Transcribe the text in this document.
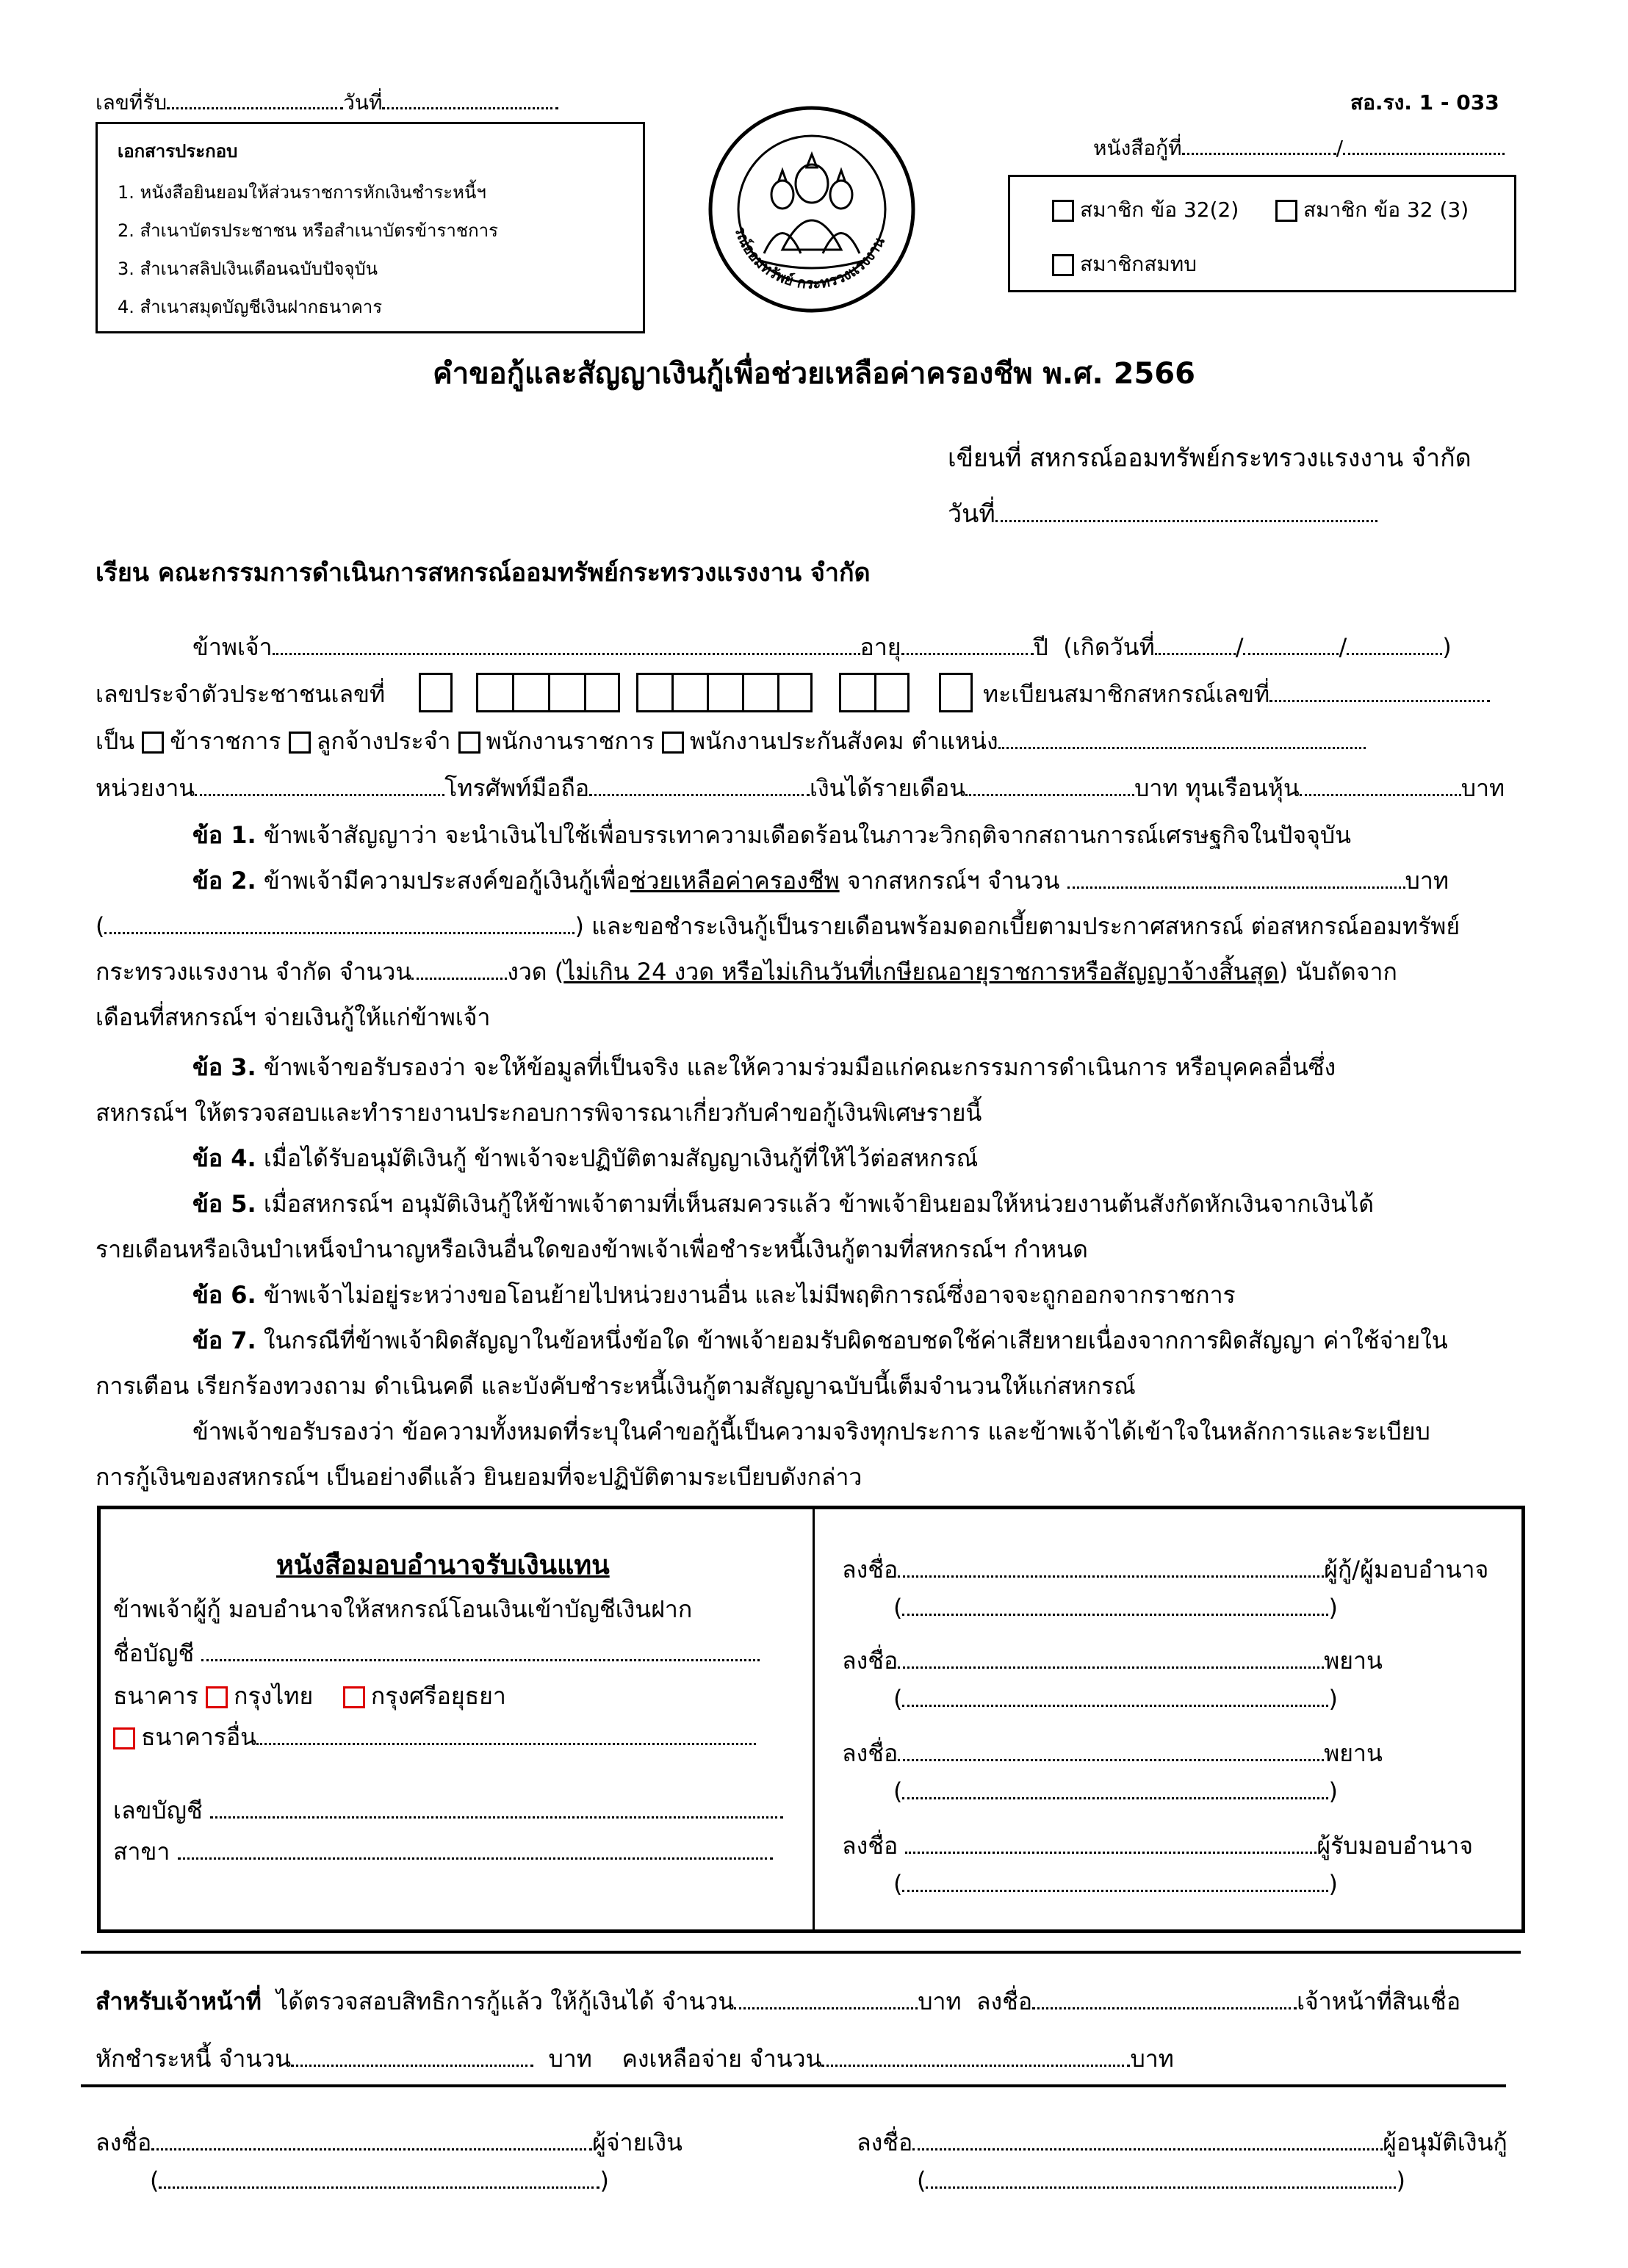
เลขที่รับ	วันที่	สอ.รง. 1 - 033
หนังสือกู้ที่	/
เอกสารประกอบ
1. หนังสือยินยอมให้ส่วนราชการหักเงินชำระหนี้ฯ
2. สำเนาบัตรประชาชน หรือสำเนาบัตรข้าราชการ
3. สำเนาสลิปเงินเดือนฉบับปัจจุบัน
4. สำเนาสมุดบัญชีเงินฝากธนาคาร
รณ์ออมทรัพย์ กระทรวงแรงงาน
สมาชิก ข้อ 32(2)	สมาชิก ข้อ 32 (3)
สมาชิกสมทบ
คำขอกู้และสัญญาเงินกู้เพื่อช่วยเหลือค่าครองชีพ พ.ศ. 2566
เขียนที่ สหกรณ์ออมทรัพย์กระทรวงแรงงาน จำกัด
วันที่
เรียน คณะกรรมการดำเนินการสหกรณ์ออมทรัพย์กระทรวงแรงงาน จำกัด
ข้าพเจ้า	อายุ	ปี (เกิดวันที่	/	/	)
เลขประจำตัวประชาชนเลขที่	ทะเบียนสมาชิกสหกรณ์เลขที่
เป็น ข้าราชการ ลูกจ้างประจำ พนักงานราชการ พนักงานประกันสังคม ตำแหน่ง
หน่วยงาน	โทรศัพท์มือถือ	เงินได้รายเดือน	บาท ทุนเรือนหุ้น	บาท
ข้อ 1. ข้าพเจ้าสัญญาว่า จะนำเงินไปใช้เพื่อบรรเทาความเดือดร้อนในภาวะวิกฤติจากสถานการณ์เศรษฐกิจในปัจจุบัน
ข้อ 2. ข้าพเจ้ามีความประสงค์ขอกู้เงินกู้เพื่อช่วยเหลือค่าครองชีพ จากสหกรณ์ฯ จำนวน	บาท
(	) และขอชำระเงินกู้เป็นรายเดือนพร้อมดอกเบี้ยตามประกาศสหกรณ์ ต่อสหกรณ์ออมทรัพย์
กระทรวงแรงงาน จำกัด จำนวน	งวด (ไม่เกิน 24 งวด หรือไม่เกินวันที่เกษียณอายุราชการหรือสัญญาจ้างสิ้นสุด) นับถัดจาก
เดือนที่สหกรณ์ฯ จ่ายเงินกู้ให้แก่ข้าพเจ้า
ข้อ 3. ข้าพเจ้าขอรับรองว่า จะให้ข้อมูลที่เป็นจริง และให้ความร่วมมือแก่คณะกรรมการดำเนินการ หรือบุคคลอื่นซึ่ง
สหกรณ์ฯ ให้ตรวจสอบและทำรายงานประกอบการพิจารณาเกี่ยวกับคำขอกู้เงินพิเศษรายนี้
ข้อ 4. เมื่อได้รับอนุมัติเงินกู้ ข้าพเจ้าจะปฏิบัติตามสัญญาเงินกู้ที่ให้ไว้ต่อสหกรณ์
ข้อ 5. เมื่อสหกรณ์ฯ อนุมัติเงินกู้ให้ข้าพเจ้าตามที่เห็นสมควรแล้ว ข้าพเจ้ายินยอมให้หน่วยงานต้นสังกัดหักเงินจากเงินได้
รายเดือนหรือเงินบำเหน็จบำนาญหรือเงินอื่นใดของข้าพเจ้าเพื่อชำระหนี้เงินกู้ตามที่สหกรณ์ฯ กำหนด
ข้อ 6. ข้าพเจ้าไม่อยู่ระหว่างขอโอนย้ายไปหน่วยงานอื่น และไม่มีพฤติการณ์ซึ่งอาจจะถูกออกจากราชการ
ข้อ 7. ในกรณีที่ข้าพเจ้าผิดสัญญาในข้อหนึ่งข้อใด ข้าพเจ้ายอมรับผิดชอบชดใช้ค่าเสียหายเนื่องจากการผิดสัญญา ค่าใช้จ่ายใน
การเตือน เรียกร้องทวงถาม ดำเนินคดี และบังคับชำระหนี้เงินกู้ตามสัญญาฉบับนี้เต็มจำนวนให้แก่สหกรณ์
ข้าพเจ้าขอรับรองว่า ข้อความทั้งหมดที่ระบุในคำขอกู้นี้เป็นความจริงทุกประการ และข้าพเจ้าได้เข้าใจในหลักการและระเบียบ
การกู้เงินของสหกรณ์ฯ เป็นอย่างดีแล้ว ยินยอมที่จะปฏิบัติตามระเบียบดังกล่าว
หนังสือมอบอำนาจรับเงินแทน
ข้าพเจ้าผู้กู้ มอบอำนาจให้สหกรณ์โอนเงินเข้าบัญชีเงินฝาก
ชื่อบัญชี
ธนาคาร กรุงไทย กรุงศรีอยุธยา
ธนาคารอื่น
เลขบัญชี
สาขา
ลงชื่อ	ผู้กู้/ผู้มอบอำนาจ
(	)
ลงชื่อ	พยาน
(	)
ลงชื่อ	พยาน
(	)
ลงชื่อ	ผู้รับมอบอำนาจ
(	)
สำหรับเจ้าหน้าที่ ได้ตรวจสอบสิทธิการกู้แล้ว ให้กู้เงินได้ จำนวน	บาท ลงชื่อ	เจ้าหน้าที่สินเชื่อ
หักชำระหนี้ จำนวน	บาท คงเหลือจ่าย จำนวน	บาท
ลงชื่อ	ผู้จ่ายเงิน
(	)
ลงชื่อ	ผู้อนุมัติเงินกู้
(	)
